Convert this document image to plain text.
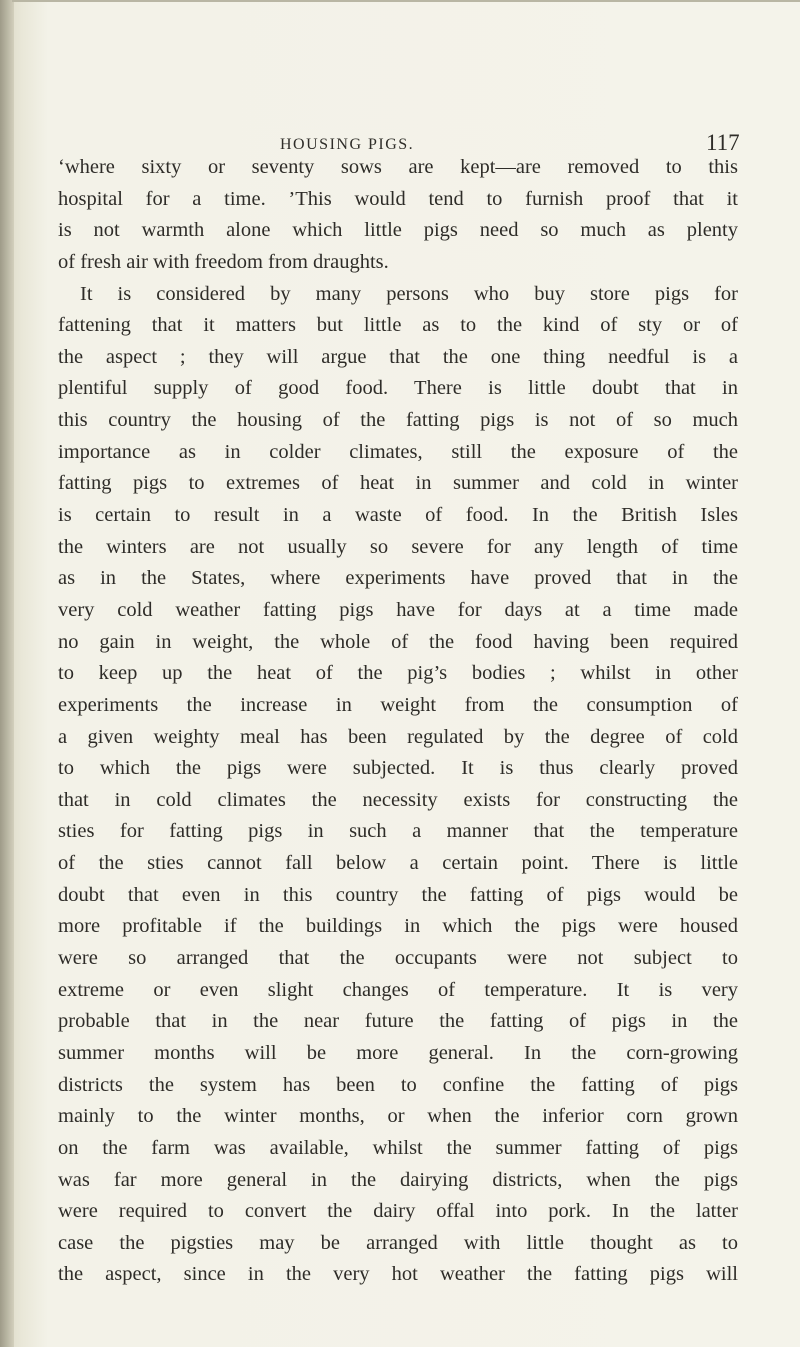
HOUSING PIGS.	117
‘where sixty or seventy sows are kept—are removed to this
hospital for a time. ’This would tend to furnish proof that it
is not warmth alone which little pigs need so much as plenty
of fresh air with freedom from draughts.
It is considered by many persons who buy store pigs for
fattening that it matters but little as to the kind of sty or of
the aspect ; they will argue that the one thing needful is a
plentiful supply of good food. There is little doubt that in
this country the housing of the fatting pigs is not of so much
importance as in colder climates, still the exposure of the
fatting pigs to extremes of heat in summer and cold in winter
is certain to result in a waste of food. In the British Isles
the winters are not usually so severe for any length of time
as in the States, where experiments have proved that in the
very cold weather fatting pigs have for days at a time made
no gain in weight, the whole of the food having been required
to keep up the heat of the pig’s bodies ; whilst in other
experiments the increase in weight from the consumption of
a given weighty meal has been regulated by the degree of cold
to which the pigs were subjected. It is thus clearly proved
that in cold climates the necessity exists for constructing the
sties for fatting pigs in such a manner that the temperature
of the sties cannot fall below a certain point. There is little
doubt that even in this country the fatting of pigs would be
more profitable if the buildings in which the pigs were housed
were so arranged that the occupants were not subject to
extreme or even slight changes of temperature. It is very
probable that in the near future the fatting of pigs in the
summer months will be more general. In the corn-growing
districts the system has been to confine the fatting of pigs
mainly to the winter months, or when the inferior corn grown
on the farm was available, whilst the summer fatting of pigs
was far more general in the dairying districts, when the pigs
were required to convert the dairy offal into pork. In the latter
case the pigsties may be arranged with little thought as to
the aspect, since in the very hot weather the fatting pigs will
